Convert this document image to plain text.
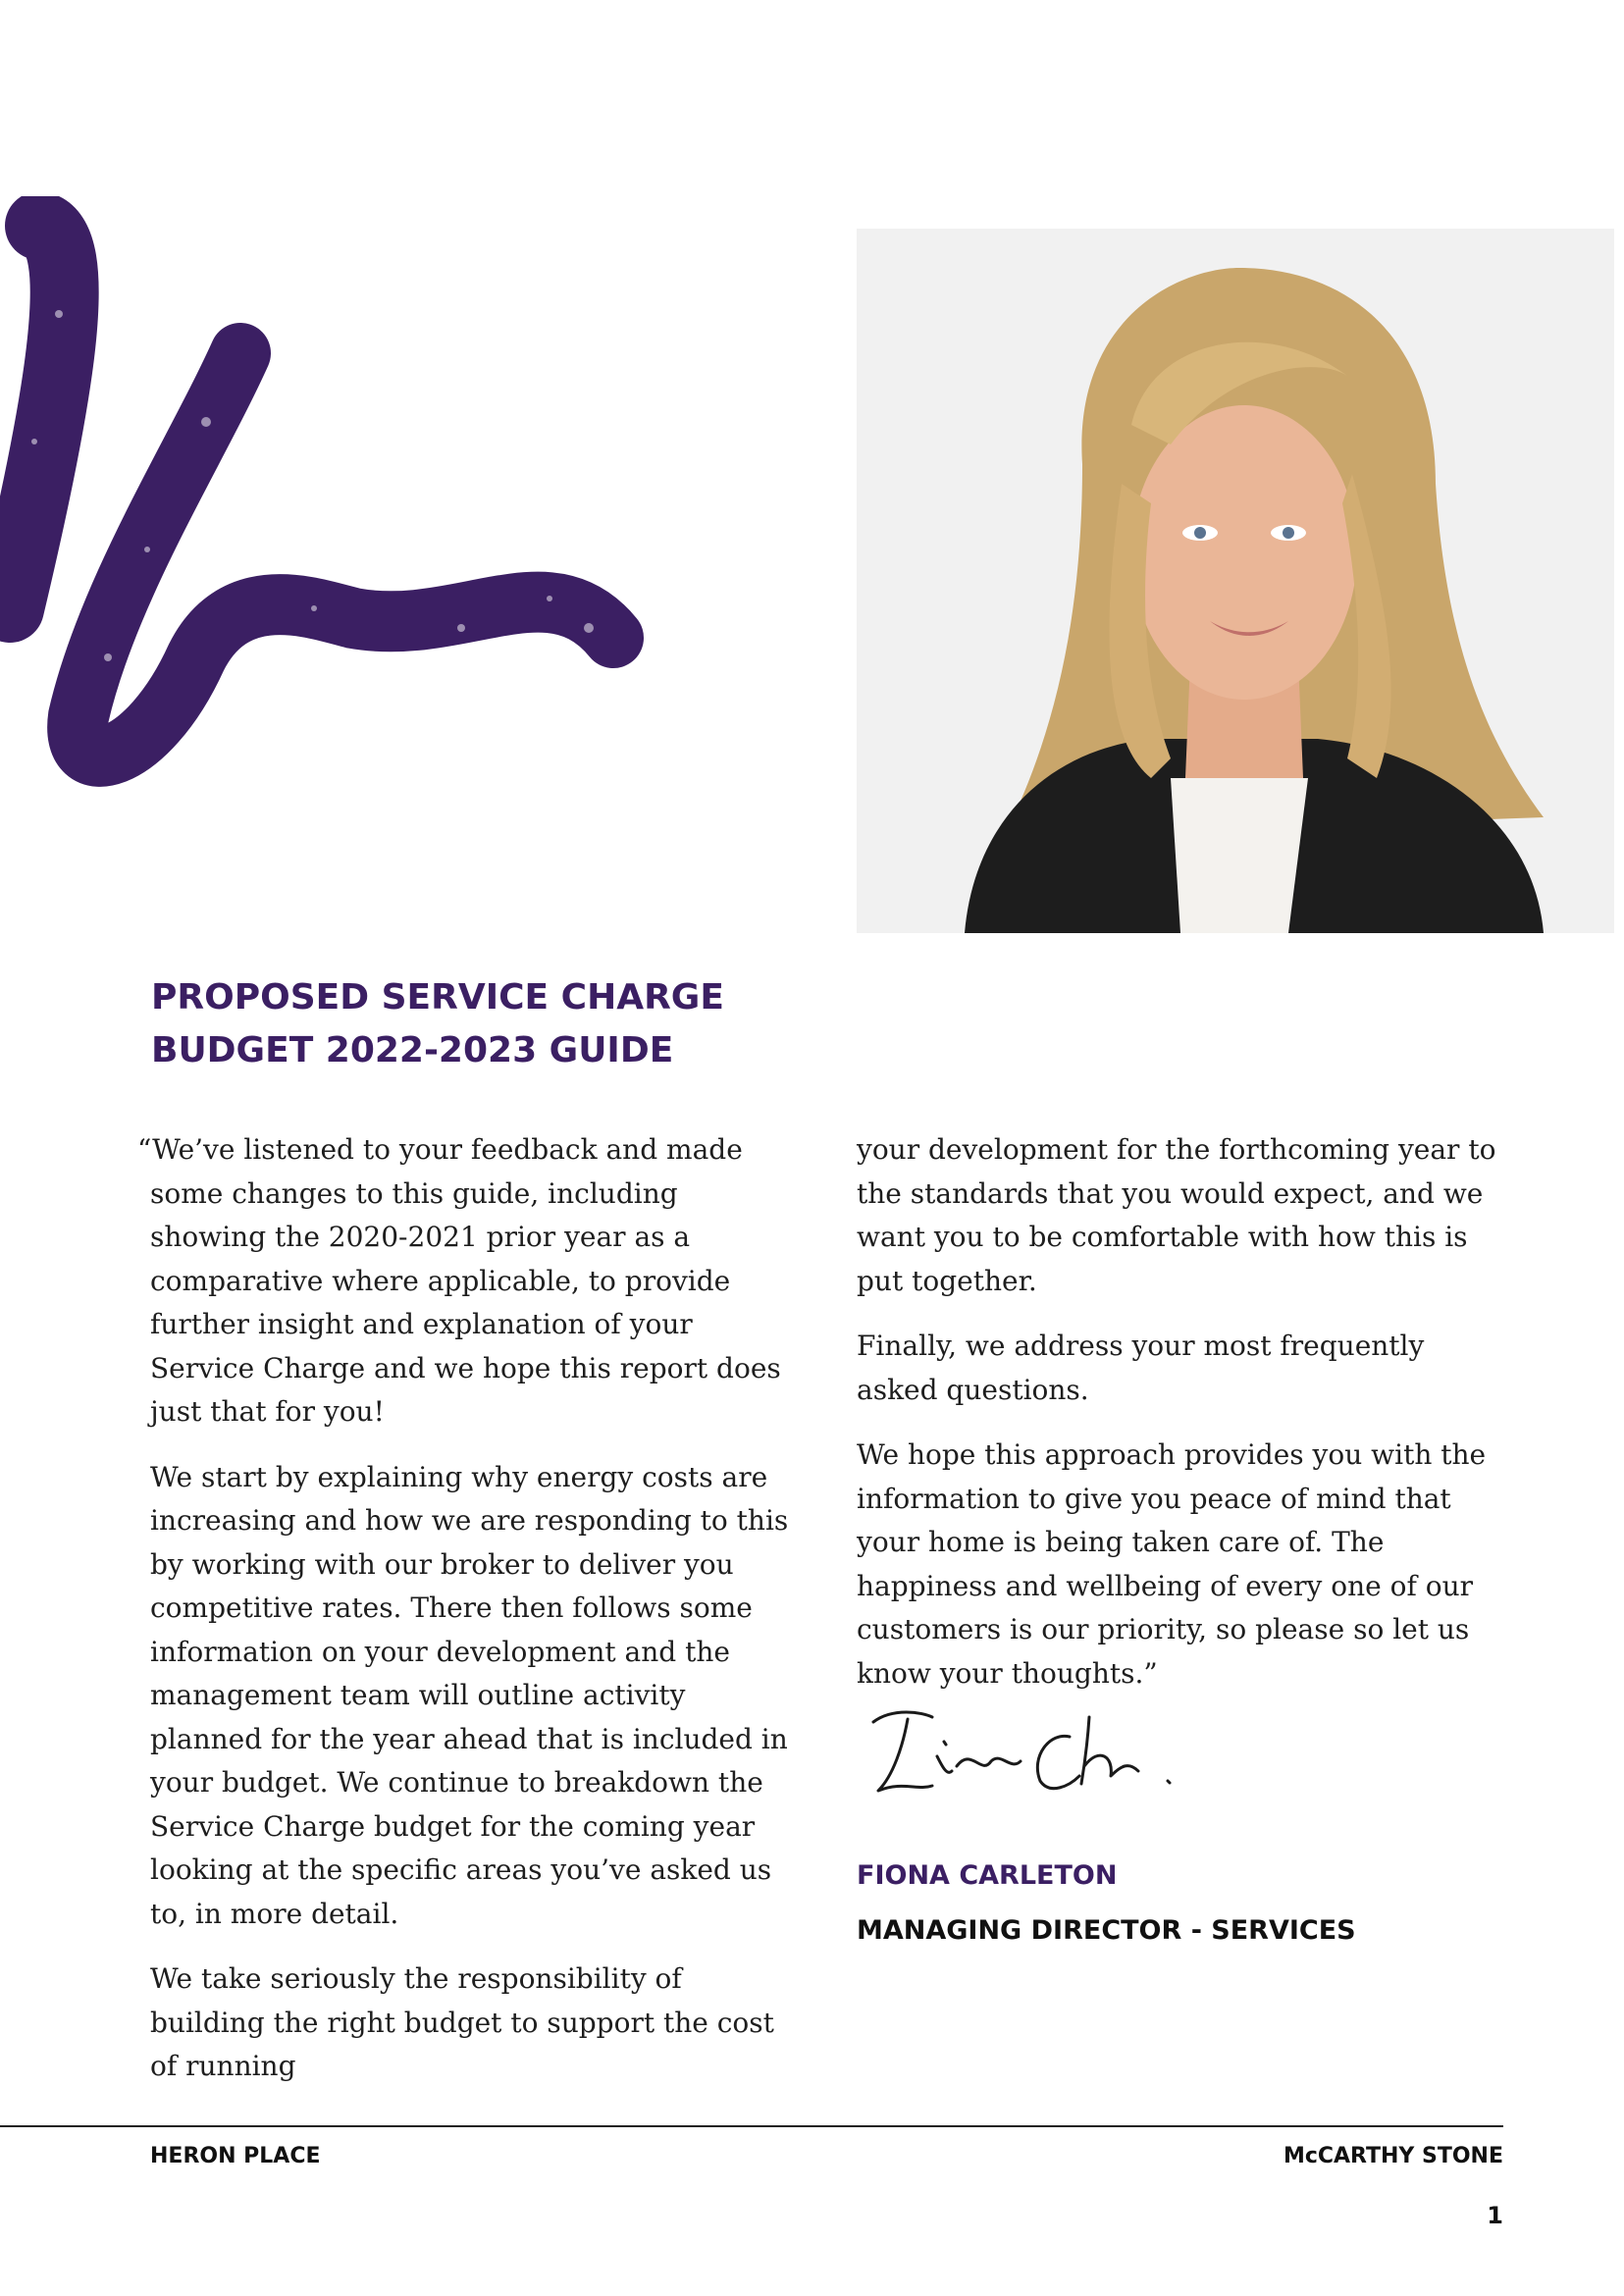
PROPOSED SERVICE CHARGE
BUDGET 2022-2023 GUIDE

“We’ve listened to your feedback and made some changes to this guide, including showing the 2020-2021 prior year as a comparative where applicable, to provide further insight and explanation of your Service Charge and we hope this report does just that for you!

We start by explaining why energy costs are increasing and how we are responding to this by working with our broker to deliver you competitive rates. There then follows some information on your development and the management team will outline activity planned for the year ahead that is included in your budget. We continue to breakdown the Service Charge budget for the coming year looking at the specific areas you’ve asked us to, in more detail.

We take seriously the responsibility of building the right budget to support the cost of running

your development for the forthcoming year to the standards that you would expect, and we want you to be comfortable with how this is put together.

Finally, we address your most frequently asked questions.

We hope this approach provides you with the information to give you peace of mind that your home is being taken care of. The happiness and wellbeing of every one of our customers is our priority, so please so let us know your thoughts.”

FIONA CARLETON
MANAGING DIRECTOR - SERVICES
HERON PLACE	McCARTHY STONE
1
